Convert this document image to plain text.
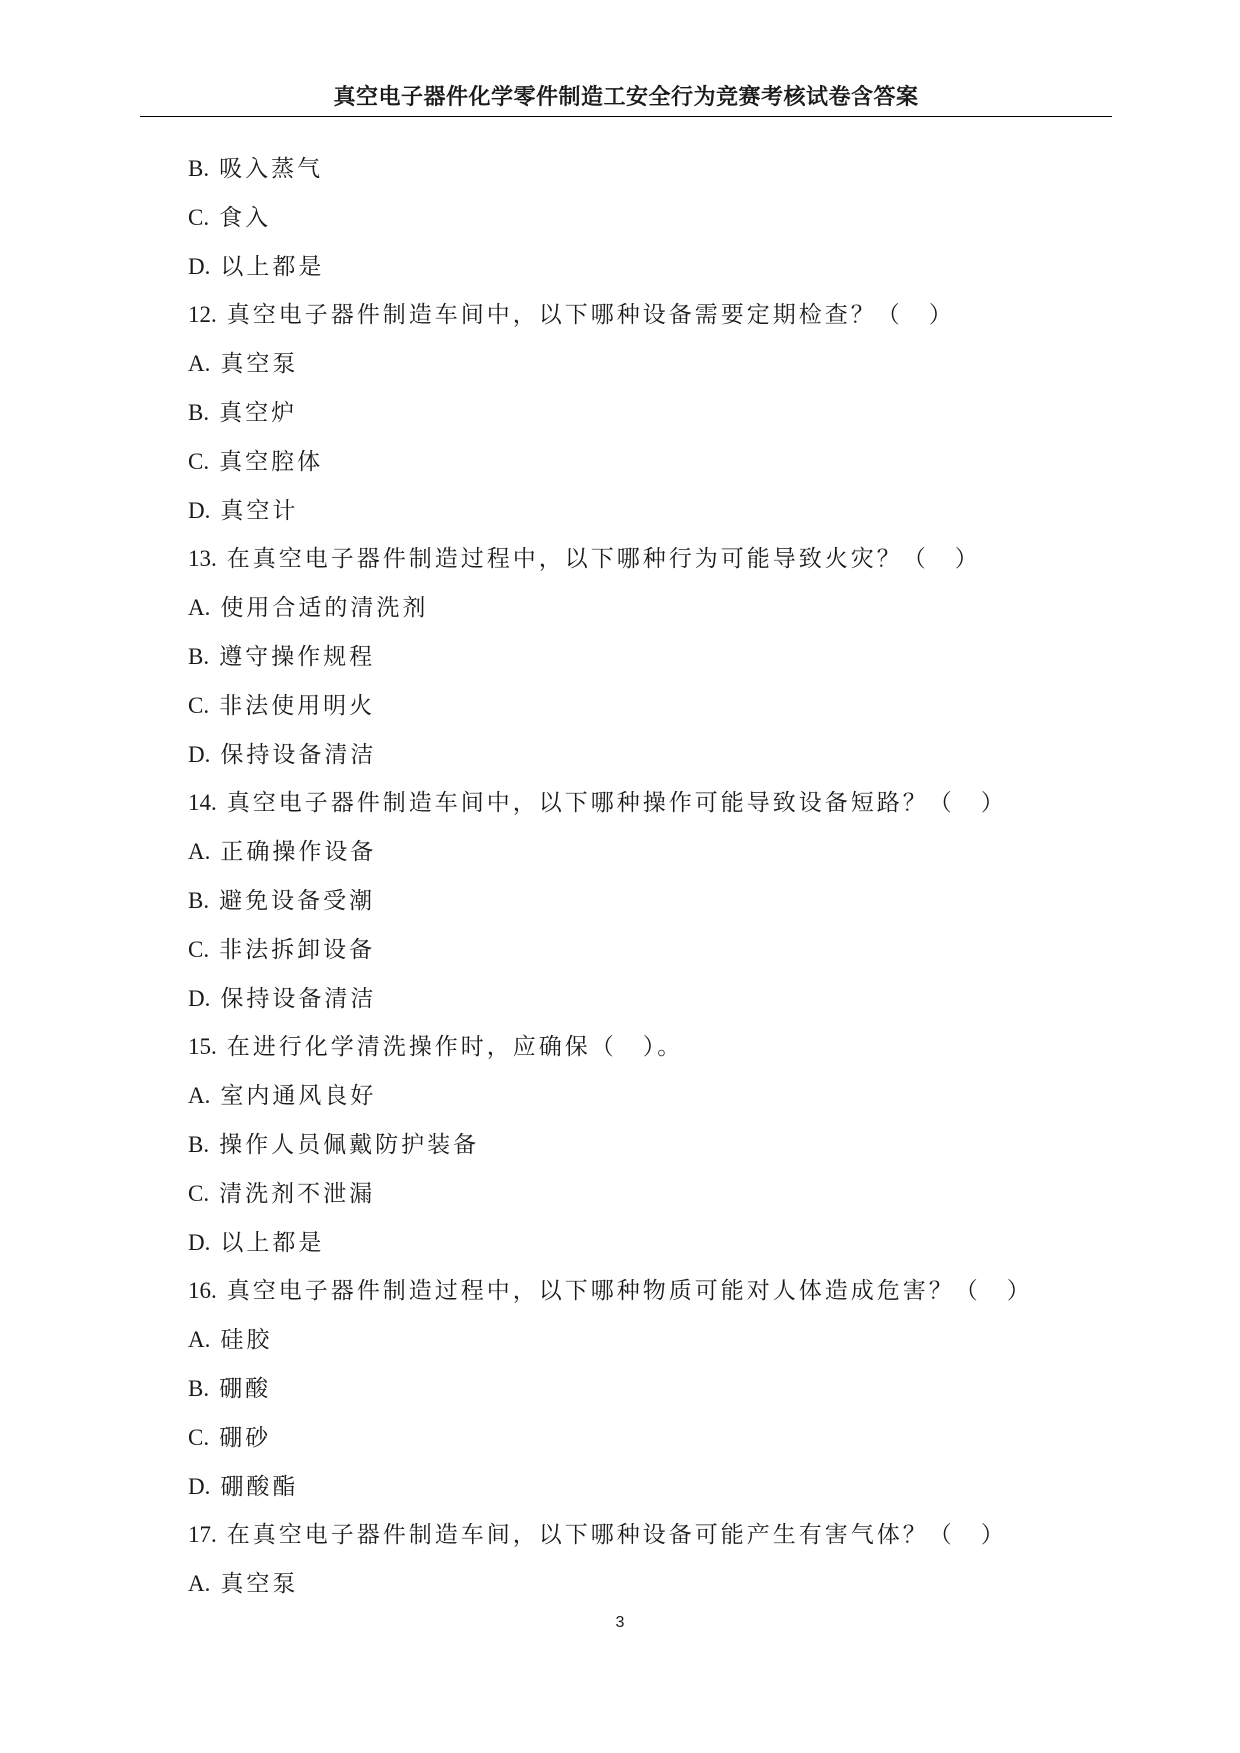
真空电子器件化学零件制造工安全行为竞赛考核试卷含答案
B. 吸入蒸气
C. 食入
D. 以上都是
12. 真空电子器件制造车间中，以下哪种设备需要定期检查？（　）
A. 真空泵
B. 真空炉
C. 真空腔体
D. 真空计
13. 在真空电子器件制造过程中，以下哪种行为可能导致火灾？（　）
A. 使用合适的清洗剂
B. 遵守操作规程
C. 非法使用明火
D. 保持设备清洁
14. 真空电子器件制造车间中，以下哪种操作可能导致设备短路？（　）
A. 正确操作设备
B. 避免设备受潮
C. 非法拆卸设备
D. 保持设备清洁
15. 在进行化学清洗操作时，应确保（　）。
A. 室内通风良好
B. 操作人员佩戴防护装备
C. 清洗剂不泄漏
D. 以上都是
16. 真空电子器件制造过程中，以下哪种物质可能对人体造成危害？（　）
A. 硅胶
B. 硼酸
C. 硼砂
D. 硼酸酯
17. 在真空电子器件制造车间，以下哪种设备可能产生有害气体？（　）
A. 真空泵
3
